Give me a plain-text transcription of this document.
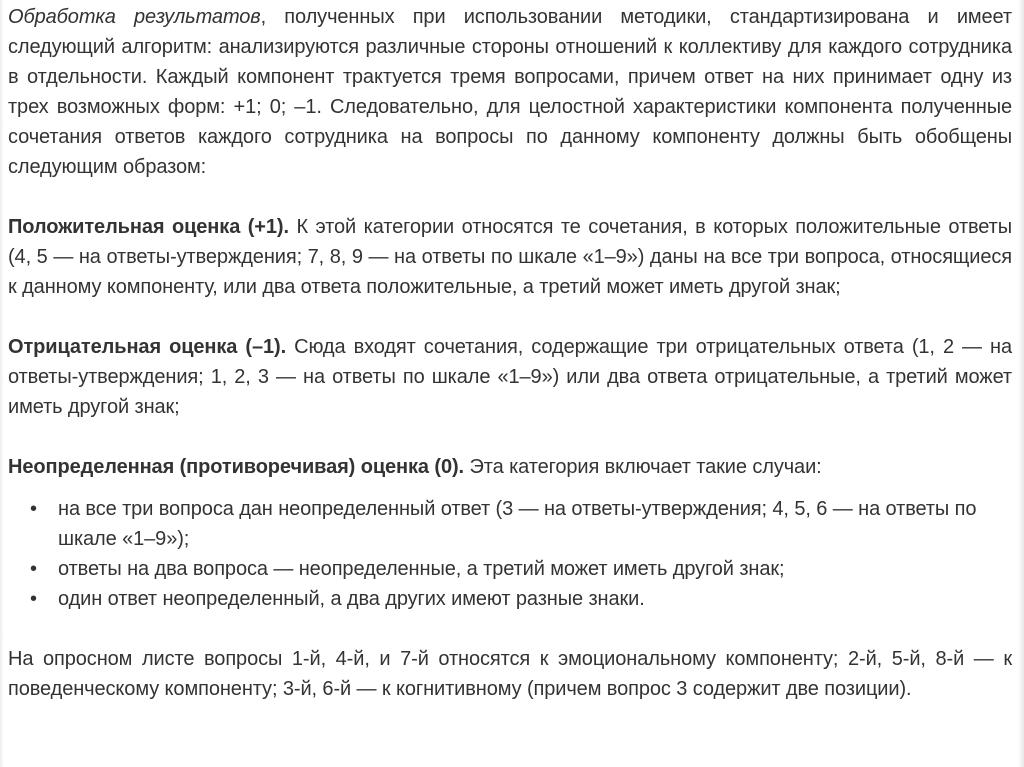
Обработка результатов, полученных при использовании методики, стандартизирована и имеет следующий алгоритм: анализируются различные стороны отношений к коллективу для каждого сотрудника в отдельности. Каждый компонент трактуется тремя вопросами, причем ответ на них принимает одну из трех возможных форм: +1; 0; –1. Следовательно, для целостной характеристики компонента полученные сочетания ответов каждого сотрудника на вопросы по данному компоненту должны быть обобщены следующим образом:

Положительная оценка (+1). К этой категории относятся те сочетания, в которых положительные ответы (4, 5 — на ответы-утверждения; 7, 8, 9 — на ответы по шкале «1–9») даны на все три вопроса, относящиеся к данному компоненту, или два ответа положительные, а третий может иметь другой знак;

Отрицательная оценка (–1). Сюда входят сочетания, содержащие три отрицательных ответа (1, 2 — на ответы-утверждения; 1, 2, 3 — на ответы по шкале «1–9») или два ответа отрицательные, а третий может иметь другой знак;

Неопределенная (противоречивая) оценка (0). Эта категория включает такие случаи:

• на все три вопроса дан неопределенный ответ (3 — на ответы-утверждения; 4, 5, 6 — на ответы по шкале «1–9»);
• ответы на два вопроса — неопределенные, а третий может иметь другой знак;
• один ответ неопределенный, а два других имеют разные знаки.

На опросном листе вопросы 1-й, 4-й, и 7-й относятся к эмоциональному компоненту; 2-й, 5-й, 8-й — к поведенческому компоненту; 3-й, 6-й — к когнитивному (причем вопрос 3 содержит две позиции).
